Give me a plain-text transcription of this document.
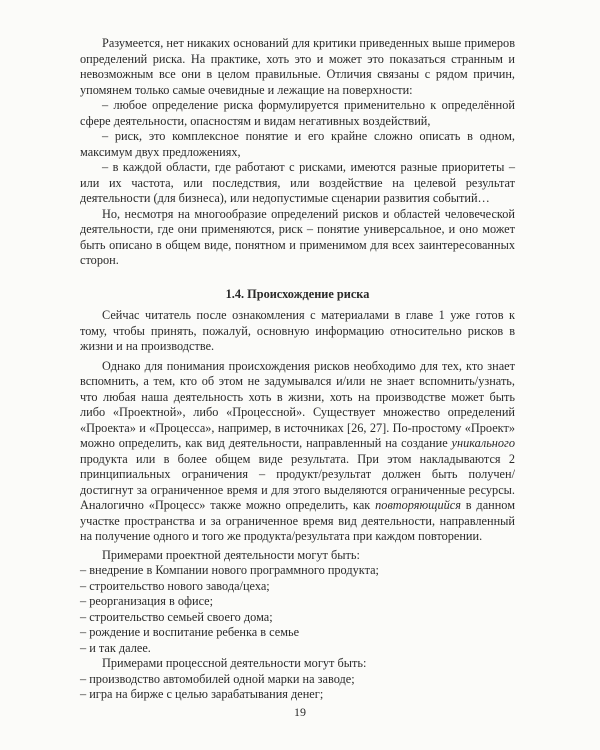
Разумеется, нет никаких оснований для критики приведенных выше примеров определений риска. На практике, хоть это и может это показаться странным и невозможным все они в целом правильные. Отличия связаны с рядом причин, упомянем только самые очевидные и лежащие на поверхности:

– любое определение риска формулируется применительно к определённой сфере деятельности, опасностям и видам негативных воздействий,

– риск, это комплексное понятие и его крайне сложно описать в одном, максимум двух предложениях,

– в каждой области, где работают с рисками, имеются разные приоритеты – или их частота, или последствия, или воздействие на целевой результат деятельности (для бизнеса), или недопустимые сценарии развития событий…

Но, несмотря на многообразие определений рисков и областей человеческой деятельности, где они применяются, риск – понятие универсальное, и оно может быть описано в общем виде, понятном и применимом для всех заинтересованных сторон.

1.4. Происхождение риска

Сейчас читатель после ознакомления с материалами в главе 1 уже готов к тому, чтобы принять, пожалуй, основную информацию относительно рисков в жизни и на производстве.

Однако для понимания происхождения рисков необходимо для тех, кто знает вспомнить, а тем, кто об этом не задумывался и/или не знает вспомнить/узнать, что любая наша деятельность хоть в жизни, хоть на производстве может быть либо «Проектной», либо «Процессной». Существует множество определений «Проекта» и «Процесса», например, в источниках [26, 27]. По-простому «Проект» можно определить, как вид деятельности, направленный на создание уникального продукта или в более общем виде результата. При этом накладываются 2 принципиальных ограничения – продукт/результат должен быть получен/достигнут за ограниченное время и для этого выделяются ограниченные ресурсы. Аналогично «Процесс» также можно определить, как повторяющийся в данном участке пространства и за ограниченное время вид деятельности, направленный на получение одного и того же продукта/результата при каждом повторении.

Примерами проектной деятельности могут быть:

– внедрение в Компании нового программного продукта;

– строительство нового завода/цеха;

– реорганизация в офисе;

– строительство семьей своего дома;

– рождение и воспитание ребенка в семье

– и так далее.

Примерами процессной деятельности могут быть:

– производство автомобилей одной марки на заводе;

– игра на бирже с целью зарабатывания денег;

19
